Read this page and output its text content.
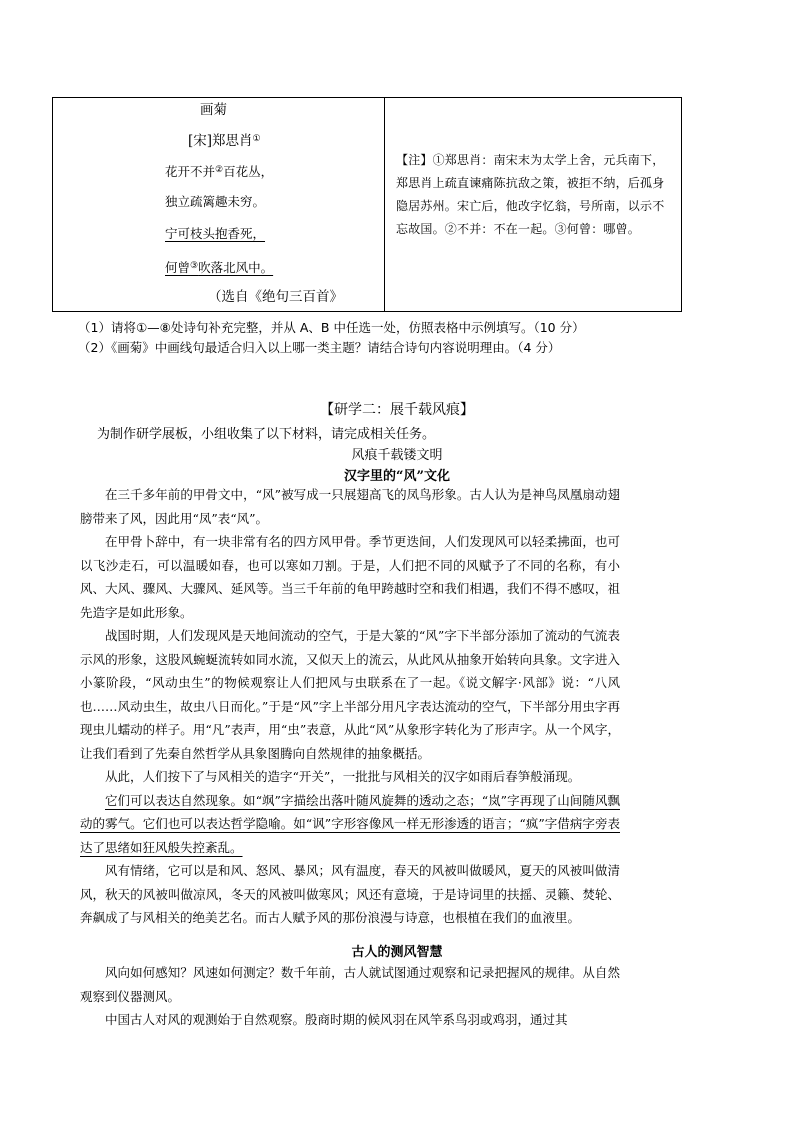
画菊
[宋]郑思肖①
花开不并②百花丛，
独立疏篱趣未穷。
宁可枝头抱香死，
何曾③吹落北风中。
（选自《绝句三百首》
【注】①郑思肖：南宋末为太学上舍，元兵南下，郑思肖上疏直谏痛陈抗敌之策，被拒不纳，后孤身隐居苏州。宋亡后，他改字忆翁，号所南，以示不忘故国。②不并：不在一起。③何曾：哪曾。
（1）请将①—⑧处诗句补充完整，并从 A、B 中任选一处，仿照表格中示例填写。（10 分）
（2）《画菊》中画线句最适合归入以上哪一类主题？请结合诗句内容说明理由。（4 分）
【研学二：展千载风痕】
为制作研学展板，小组收集了以下材料，请完成相关任务。
风痕千载镂文明
汉字里的“风”文化

在三千多年前的甲骨文中，“风”被写成一只展翅高飞的凤鸟形象。古人认为是神鸟凤凰扇动翅膀带来了风，因此用“凤”表“风”。

在甲骨卜辞中，有一块非常有名的四方风甲骨。季节更迭间，人们发现风可以轻柔拂面，也可以飞沙走石，可以温暖如春，也可以寒如刀割。于是，人们把不同的风赋予了不同的名称，有小风、大风、骤风、大骤风、延风等。当三千年前的龟甲跨越时空和我们相遇，我们不得不感叹，祖先造字是如此形象。

战国时期，人们发现风是天地间流动的空气，于是大篆的“风”字下半部分添加了流动的气流表示风的形象，这股风蜿蜒流转如同水流，又似天上的流云，从此风从抽象开始转向具象。文字进入小篆阶段，“风动虫生”的物候观察让人们把风与虫联系在了一起。《说文解字·风部》说：“八风也……风动虫生，故虫八日而化。”于是“风”字上半部分用凡字表达流动的空气，下半部分用虫字再现虫儿蠕动的样子。用“凡”表声，用“虫”表意，从此“风”从象形字转化为了形声字。从一个风字，让我们看到了先秦自然哲学从具象图腾向自然规律的抽象概括。

从此，人们按下了与风相关的造字“开关”，一批批与风相关的汉字如雨后春笋般涌现。

它们可以表达自然现象。如“飒”字描绘出落叶随风旋舞的透动之态；“岚”字再现了山间随风飘动的雾气。它们也可以表达哲学隐喻。如“讽”字形容像风一样无形渗透的语言；“疯”字借病字旁表达了思绪如狂风般失控紊乱。

风有情绪，它可以是和风、怒风、暴风；风有温度，春天的风被叫做暖风，夏天的风被叫做清风，秋天的风被叫做凉风，冬天的风被叫做寒风；风还有意境，于是诗词里的扶摇、灵籁、焚轮、奔飙成了与风相关的绝美艺名。而古人赋予风的那份浪漫与诗意，也根植在我们的血液里。

古人的测风智慧

风向如何感知？风速如何测定？数千年前，古人就试图通过观察和记录把握风的规律。从自然观察到仪器测风。

中国古人对风的观测始于自然观察。殷商时期的候风羽在风竿系鸟羽或鸡羽，通过其
